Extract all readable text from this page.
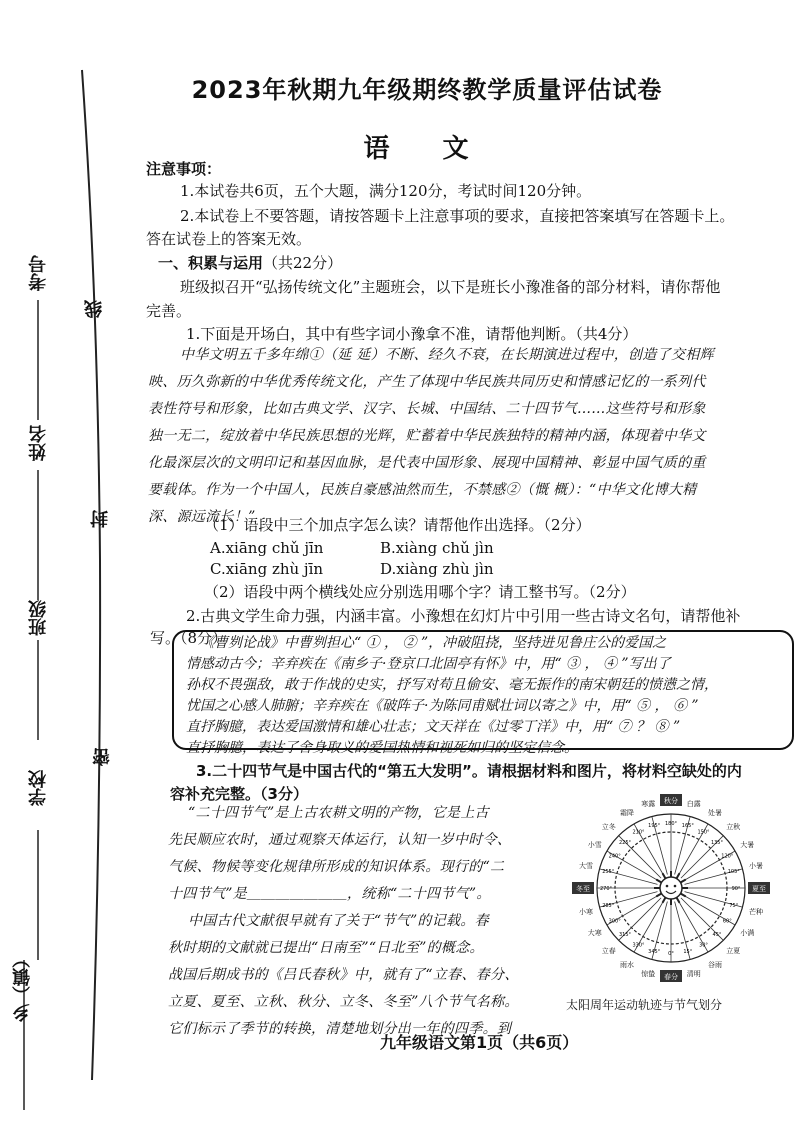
考号
姓名
班级
学校
乡（镇）
线
封
密
2023年秋期九年级期终教学质量评估试卷
语 文
注意事项：
1.本试卷共6页，五个大题，满分120分，考试时间120分钟。
2.本试卷上不要答题，请按答题卡上注意事项的要求，直接把答案填写在答题卡上。
答在试卷上的答案无效。
一、积累与运用（共22分）
班级拟召开“弘扬传统文化”主题班会，以下是班长小豫准备的部分材料，请你帮他
完善。
1.下面是开场白，其中有些字词小豫拿不准，请帮他判断。（共4分）
中华文明五千多年绵①（延 延）不断、经久不衰，在长期演进过程中，创造了交相辉
映、历久弥新的中华优秀传统文化，产生了体现中华民族共同历史和情感记忆的一系列代
表性符号和形象，比如古典文学、汉字、长城、中国结、二十四节气……这些符号和形象
独一无二，绽放着中华民族思想的光辉，贮蓄着中华民族独特的精神内涵，体现着中华文
化最深层次的文明印记和基因血脉，是代表中国形象、展现中国精神、彰显中国气质的重
要载体。作为一个中国人，民族自豪感油然而生，不禁感②（慨 概）：“中华文化博大精
深、源远流长！”
（1）语段中三个加点字怎么读？请帮他作出选择。（2分）
A.xiāng chǔ jīn	B.xiàng chǔ jìn
C.xiāng zhù jīn	D.xiàng zhù jìn
（2）语段中两个横线处应分别选用哪个字？请工整书写。（2分）
2.古典文学生命力强，内涵丰富。小豫想在幻灯片中引用一些古诗文名句，请帮他补
写。（8分）
《曹刿论战》中曹刿担心“ ① ， ② ”，冲破阻挠，坚持进见鲁庄公的爱国之
情感动古今；辛弃疾在《南乡子·登京口北固亭有怀》中，用“ ③ ， ④ ”写出了
孙权不畏强敌，敢于作战的史实，抒写对苟且偷安、毫无振作的南宋朝廷的愤懑之情，
忧国之心感人肺腑；辛弃疾在《破阵子·为陈同甫赋壮词以寄之》中，用“ ⑤ ， ⑥ ”
直抒胸臆，表达爱国激情和雄心壮志；文天祥在《过零丁洋》中，用“ ⑦ ？ ⑧ ”
直抒胸臆，表达了舍身取义的爱国热情和视死如归的坚定信念。
3.二十四节气是中国古代的“第五大发明”。请根据材料和图片，将材料空缺处的内
容补充完整。（3分）
“二十四节气”是上古农耕文明的产物，它是上古
先民顺应农时，通过观察天体运行，认知一岁中时令、
气候、物候等变化规律所形成的知识体系。现行的“二
十四节气”是＿＿＿＿＿＿＿，统称“二十四节气”。
中国古代文献很早就有了关于“节气”的记载。春
秋时期的文献就已提出“日南至”“日北至”的概念。
战国后期成书的《吕氏春秋》中，就有了“立春、春分、
立夏、夏至、立秋、秋分、立冬、冬至”八个节气名称。
它们标示了季节的转换，清楚地划分出一年的四季。到
0°
春分
15°
清明
30°
谷雨
45°
立夏
60°
小满
75°
芒种
90° 夏至
105°
小暑
120°
大暑
135°
立秋
150°
处暑
165°
白露
180°
秋分
195°
寒露
210°
霜降
225°
立冬
240°
小雪
255°
大雪
270°
冬至
285°
小寒
300°
大寒	315°
立春
330°
雨水
345°
惊蛰
太阳周年运动轨迹与节气划分
九年级语文第1页（共6页）
